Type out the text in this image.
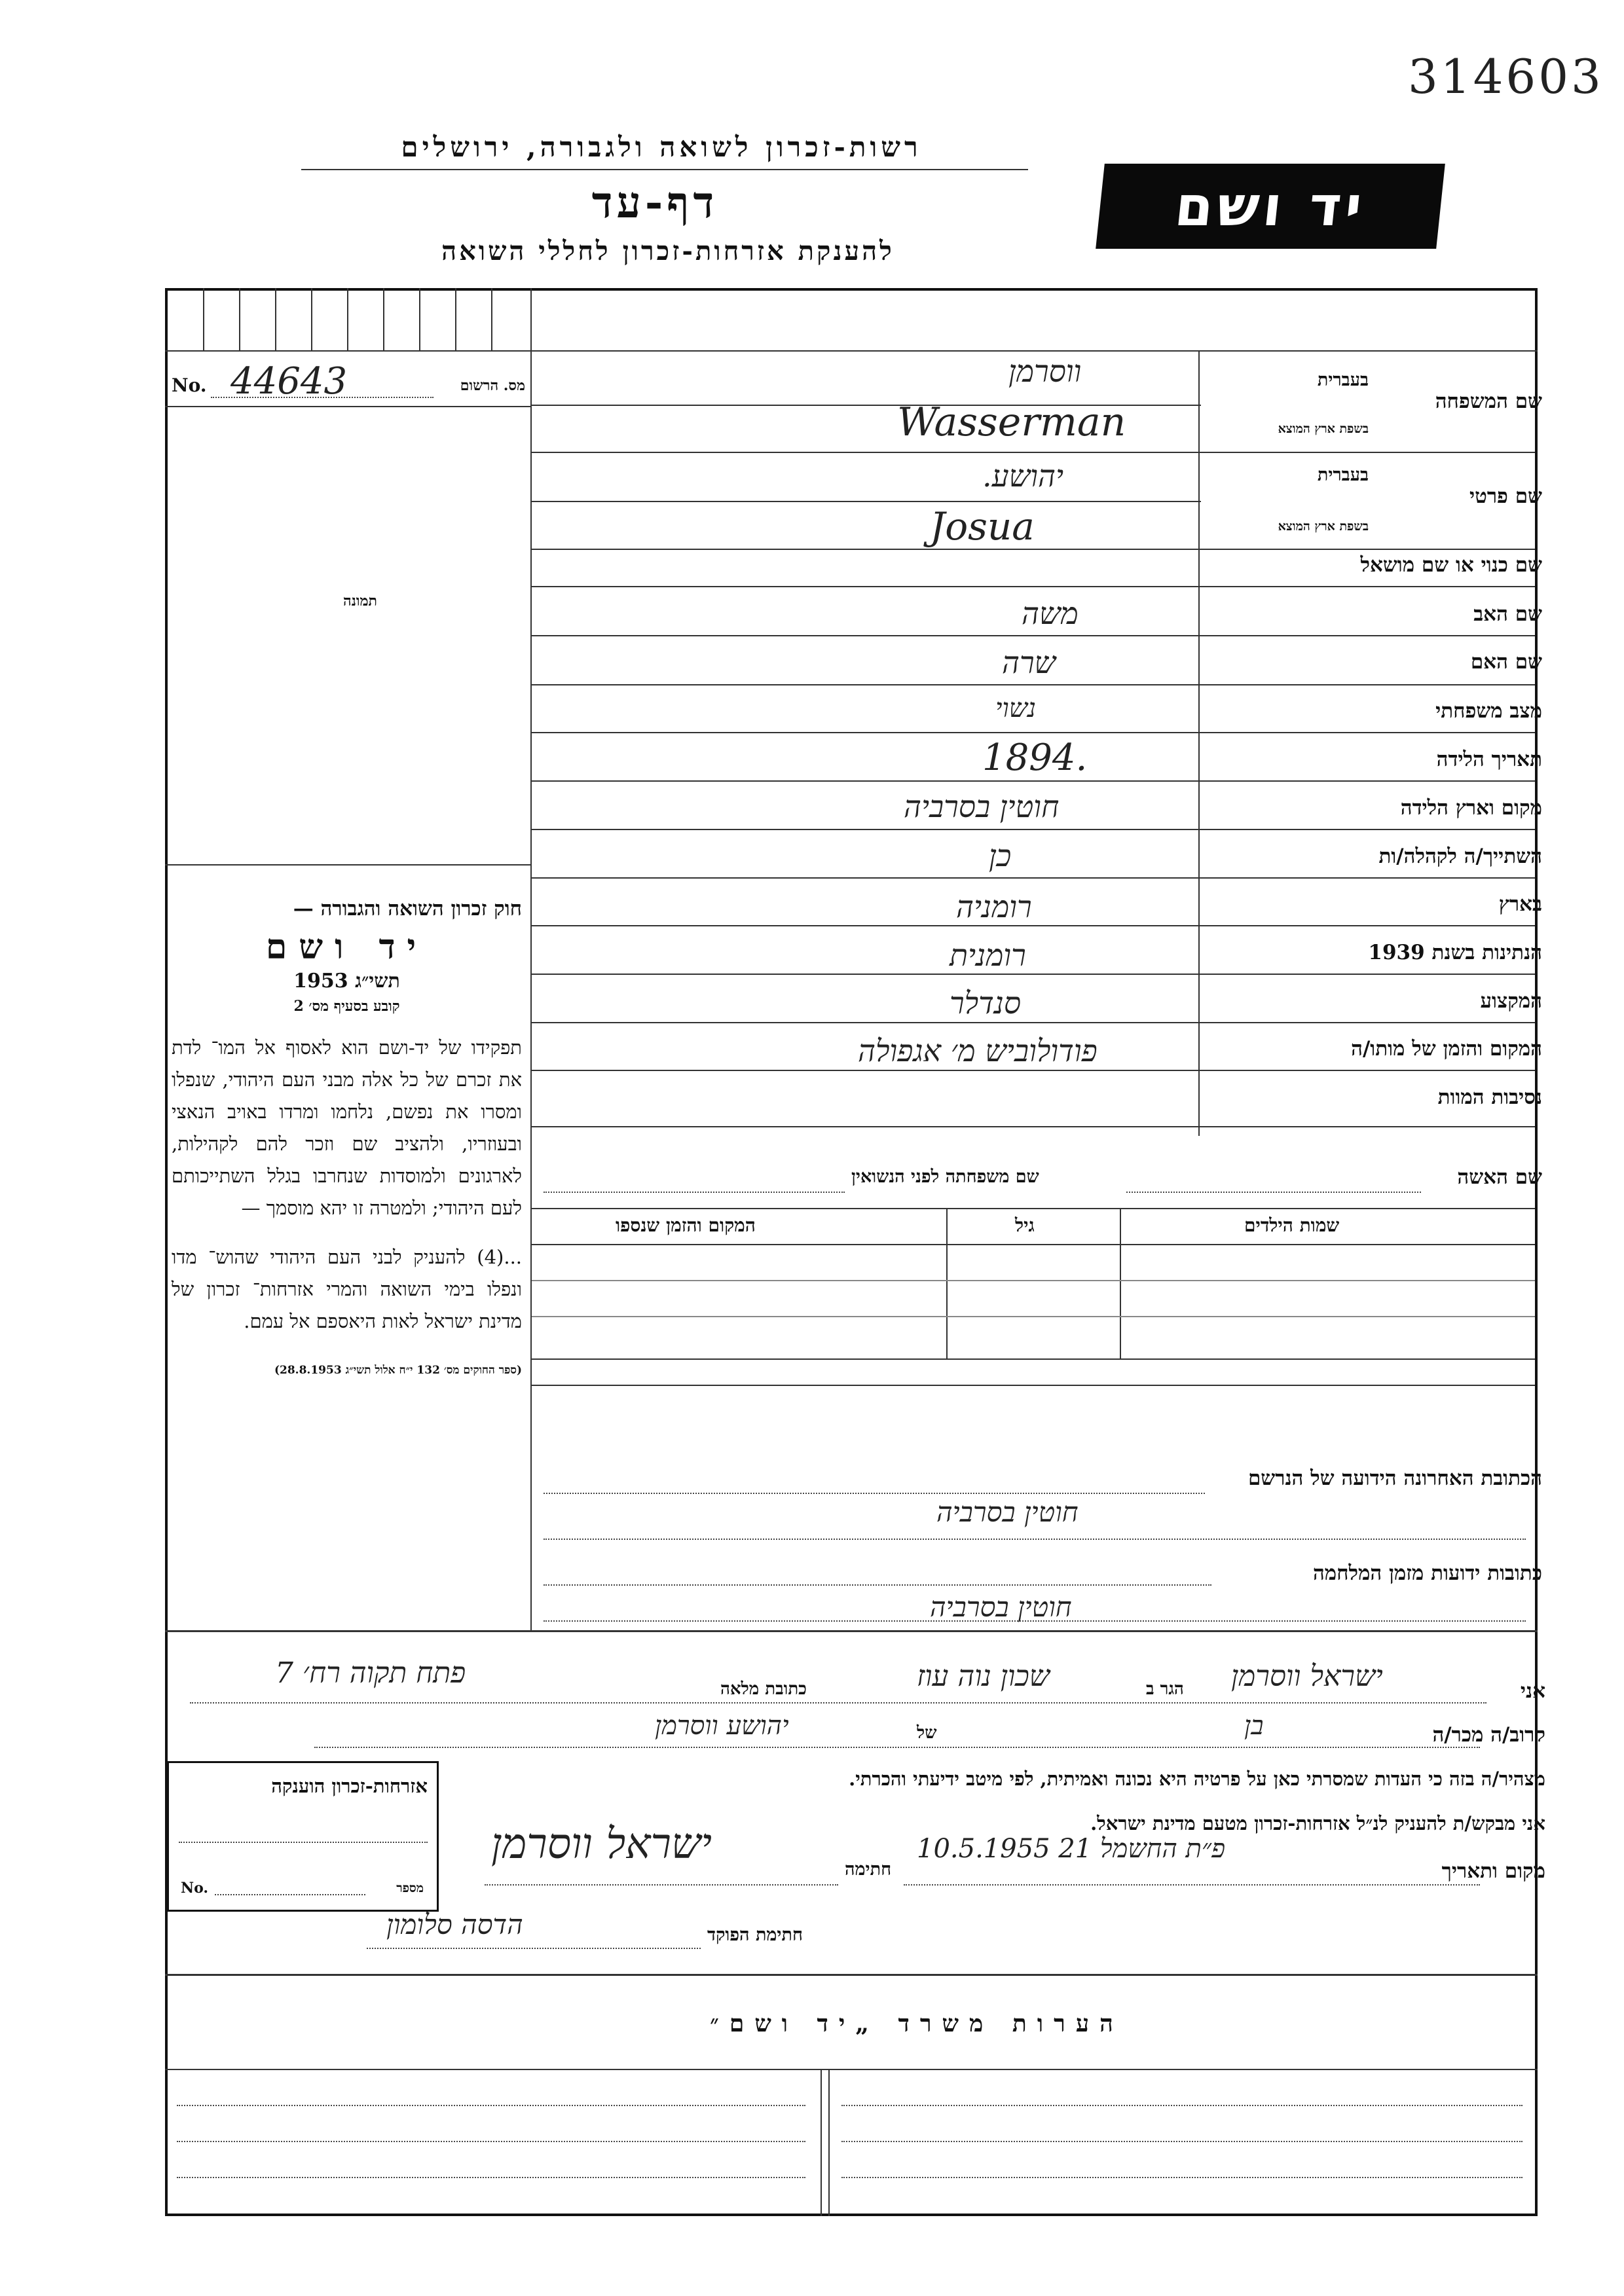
314603
רשות-זכרון לשואה ולגבורה, ירושלים
דף-עד
להענקת אזרחות-זכרון לחללי השואה
יד ושם
No. 44643	מס. הרשום
תמונה
חוק זכרון השואה והגבורה —
יד ושם
תשי״ג 1953
קובע בסעיף מס׳ 2
תפקידו של יד-ושם הוא לאסוף אל המו־ לדת את זכרם של כל אלה מבני העם היהודי, שנפלו ומסרו את נפשם, נלחמו ומרדו באויב הנאצי ובעוזריו, ולהציב שם וזכר להם לקהילות, לארגונים ולמוסדות שנחרבו בגלל השתייכותם לעם היהודי; ולמטרה זו יהא מוסמך —
...(4) להעניק לבני העם היהודי שהוש־ מדו ונפלו בימי השואה והמרי אזרחות־ זכרון של מדינת ישראל לאות היאספם אל עמם.
(ספר החוקים מס׳ 132 י״ח אלול תשי״ג 28.8.1953)
שם המשפחה
בעברית
בשפת ארץ המוצא
שם פרטי
בעברית
בשפת ארץ המוצא
שם כנוי או שם מושאל
שם האב
שם האם
מצב משפחתי
תאריך הלידה
מקום וארץ הלידה
השתייך/ה לקהלה/ות
בארץ
הנתינות בשנת 1939
המקצוע
המקום והזמן של מותו/ה
נסיבות המוות
ווסרמן
Wasserman
יהושע.
Josua
משה
שרה
נשוי
1894.
חוטין בסרביה
כן
רומניה
רומנית
סנדלר
פודולוביש מ׳ אגפולה
שם האשה
שם משפחתה לפני הנשואין
שמות הילדים
גיל
המקום והזמן שנספו
הכתובת האחרונה הידועה של הנרשם
חוטין בסרביה
כתובות ידועות מזמן המלחמה
חוטין בסרביה
אני
ישראל ווסרמן
הגר ב
שכון נוה עוז
כתובת מלאה
פתח תקוה רח׳ 7
קרוב/ה מכר/ה
בן
של
יהושע ווסרמן
מצהיר/ה בזה כי העדות שמסרתי כאן על פרטיה היא נכונה ואמיתית, לפי מיטב ידיעתי והכרתי.
אני מבקש/ת להעניק לנ״ל אזרחות-זכרון מטעם מדינת ישראל.
מקום ותאריך
פ״ת החשמל 21 10.5.1955
חתימה
ישראל ווסרמן
חתימת הפוקד
הדסה סלומון
אזרחות-זכרון הוענקה
No.	מספר
הערות משרד „יד ושם״
